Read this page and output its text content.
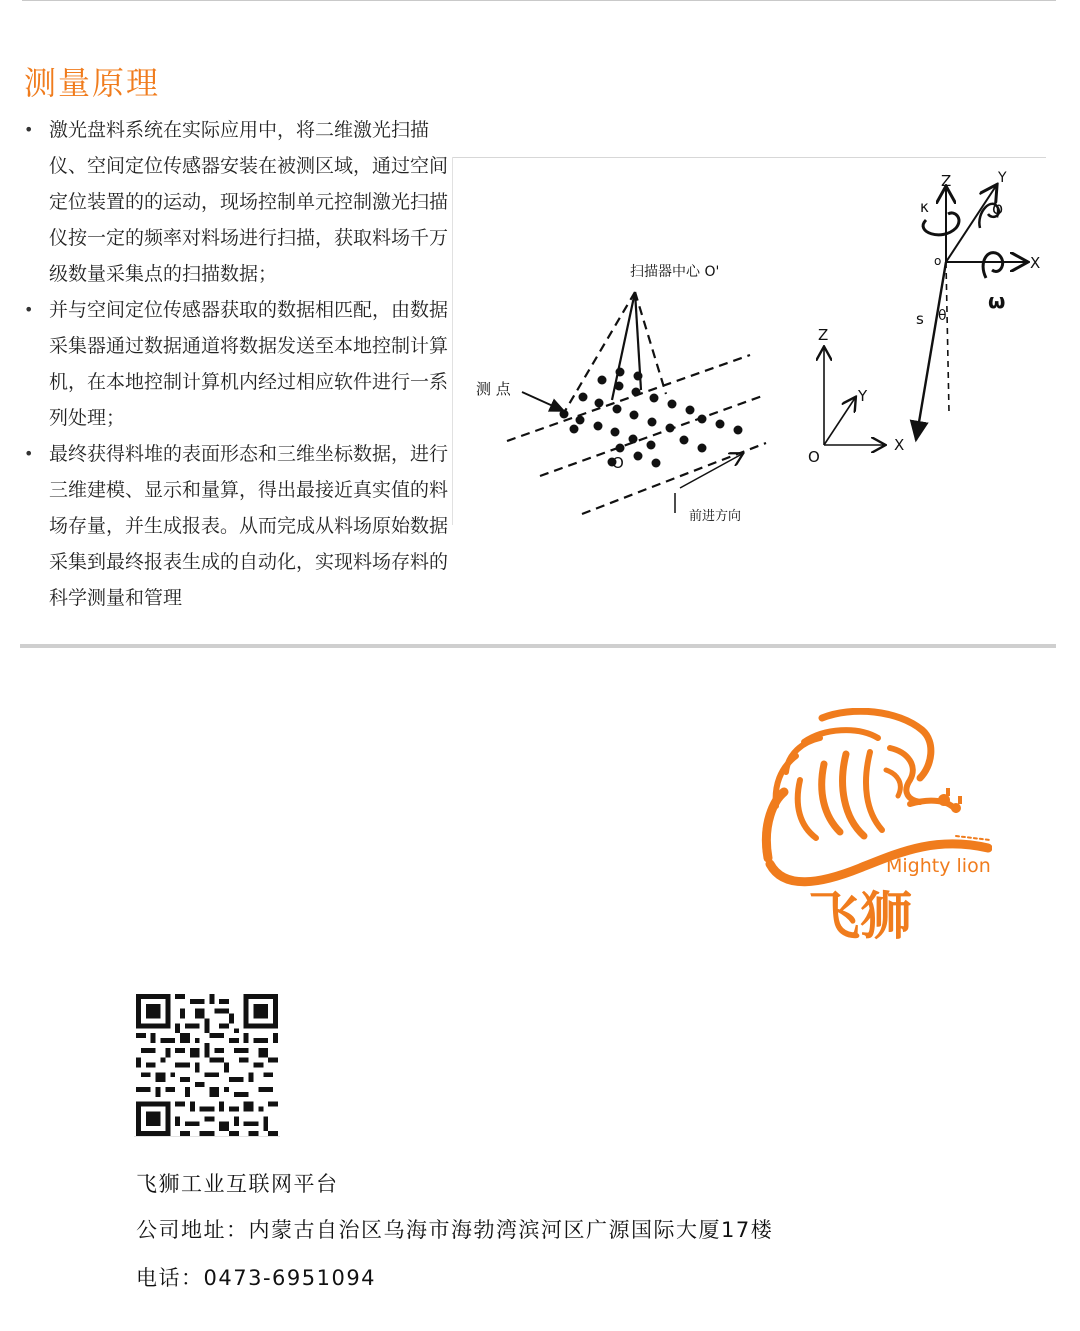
测量原理
• 激光盘料系统在实际应用中，将二维激光扫描仪、空间定位传感器安装在被测区域，通过空间定位装置的的运动，现场控制单元控制激光扫描仪按一定的频率对料场进行扫描，获取料场千万级数量采集点的扫描数据；
• 并与空间定位传感器获取的数据相匹配，由数据采集器通过数据通道将数据发送至本地控制计算机，在本地控制计算机内经过相应软件进行一系列处理；
• 最终获得料堆的表面形态和三维坐标数据，进行三维建模、显示和量算，得出最接近真实值的料场存量，并生成报表。从而完成从料场原始数据采集到最终报表生成的自动化，实现料场存料的科学测量和管理
扫描器中心 O'
测 点
O
前进方向
Z
Y
X
O
Z	Y
X
o
κ	φ
ω
s θ
Mighty lion
飞狮

飞狮工业互联网平台

公司地址：内蒙古自治区乌海市海勃湾滨河区广源国际大厦17楼

电话：0473-6951094
